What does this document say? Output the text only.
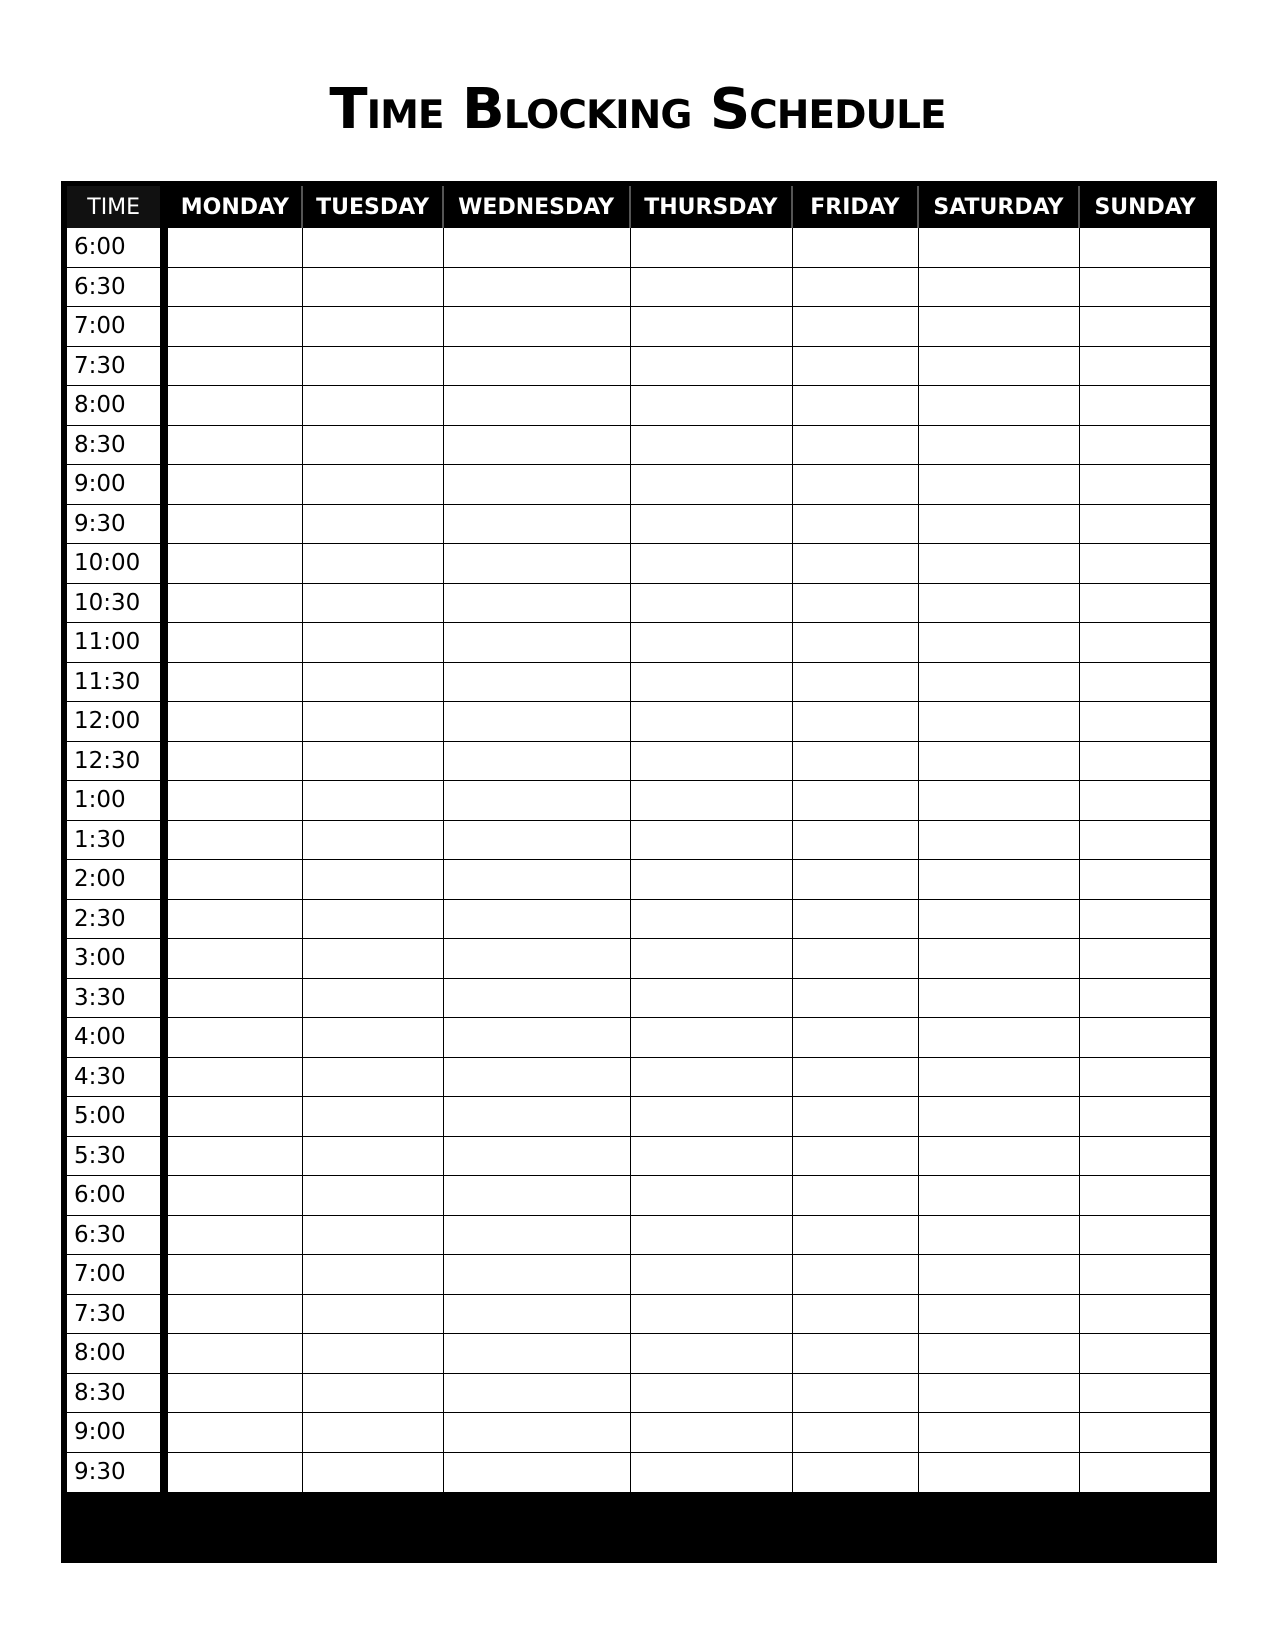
Time Blocking Schedule
TIME	MONDAY	TUESDAY	WEDNESDAY	THURSDAY	FRIDAY	SATURDAY	SUNDAY
6:00							
6:30							
7:00							
7:30							
8:00							
8:30							
9:00							
9:30							
10:00							
10:30							
11:00							
11:30							
12:00							
12:30							
1:00							
1:30							
2:00							
2:30							
3:00							
3:30							
4:00							
4:30							
5:00							
5:30							
6:00							
6:30							
7:00							
7:30							
8:00							
8:30							
9:00							
9:30							
